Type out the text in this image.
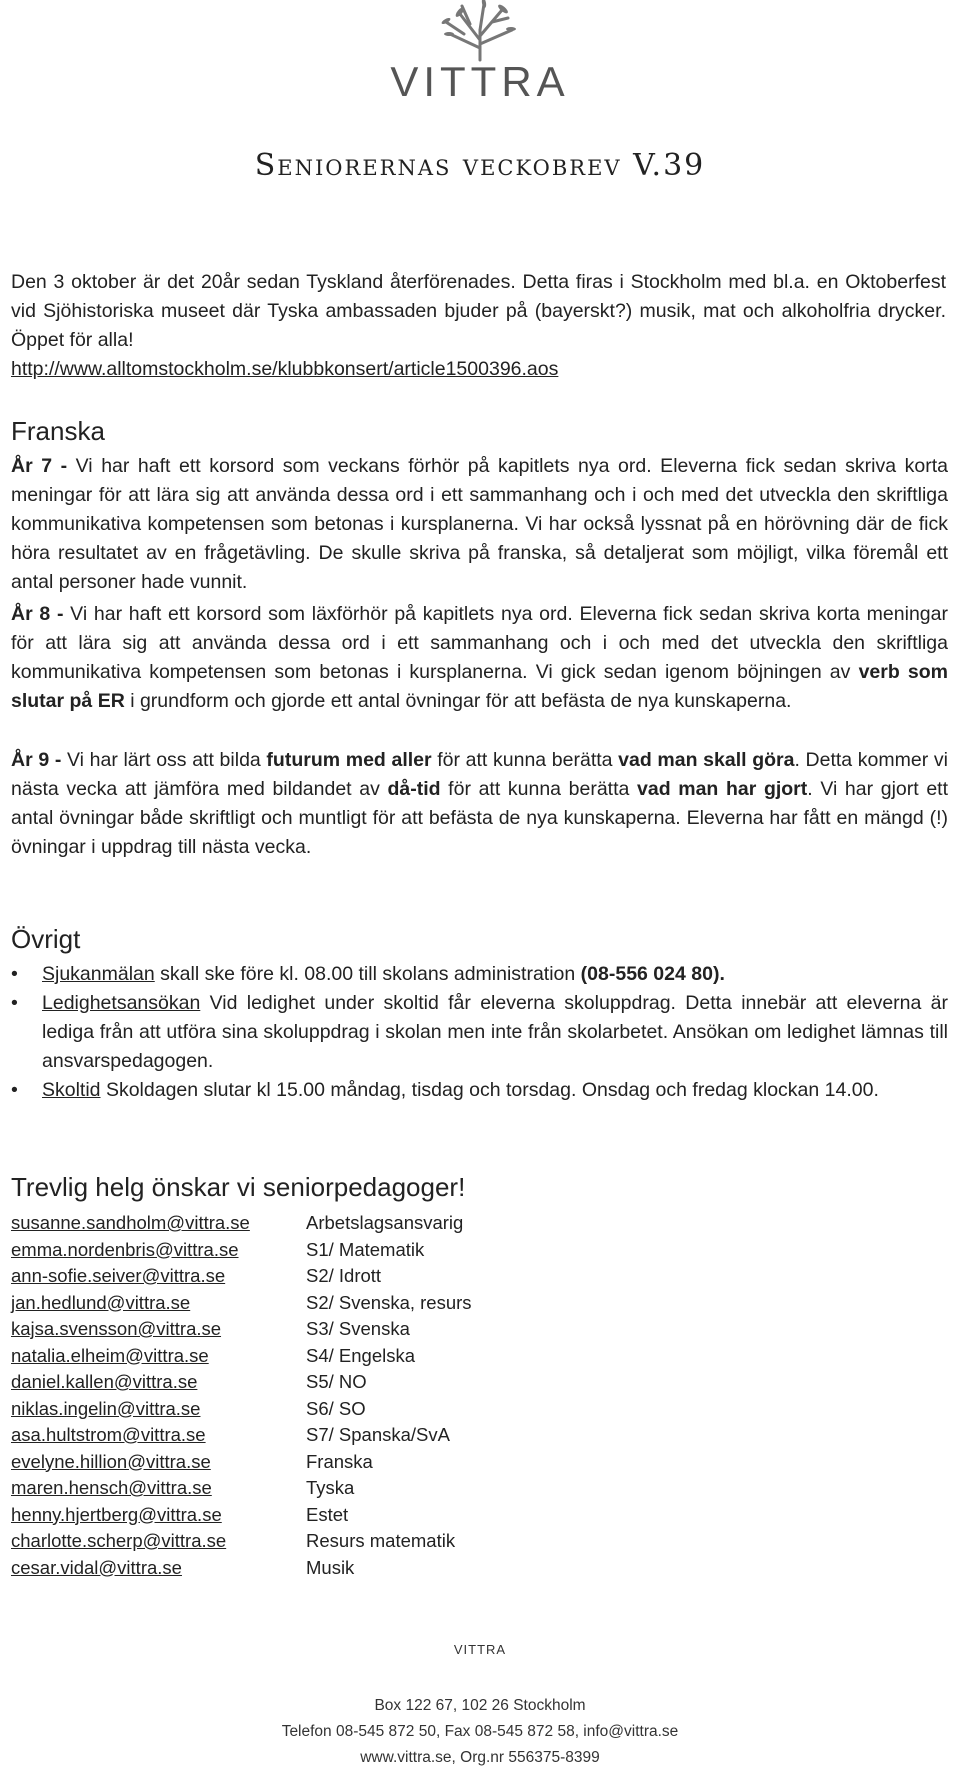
VITTRA
Seniorernas veckobrev V.39
Den 3 oktober är det 20år sedan Tyskland återförenades. Detta firas i Stockholm med bl.a. en Oktoberfest vid Sjöhistoriska museet där Tyska ambassaden bjuder på (bayerskt?) musik, mat och alkoholfria drycker. Öppet för alla!
http://www.alltomstockholm.se/klubbkonsert/article1500396.aos
Franska
År 7 - Vi har haft ett korsord som veckans förhör på kapitlets nya ord. Eleverna fick sedan skriva korta meningar för att lära sig att använda dessa ord i ett sammanhang och i och med det utveckla den skriftliga kommunikativa kompetensen som betonas i kursplanerna. Vi har också lyssnat på en hörövning där de fick höra resultatet av en frågetävling. De skulle skriva på franska, så detaljerat som möjligt, vilka föremål ett antal personer hade vunnit.
År 8 - Vi har haft ett korsord som läxförhör på kapitlets nya ord. Eleverna fick sedan skriva korta meningar för att lära sig att använda dessa ord i ett sammanhang och i och med det utveckla den skriftliga kommunikativa kompetensen som betonas i kursplanerna. Vi gick sedan igenom böjningen av verb som slutar på ER i grundform och gjorde ett antal övningar för att befästa de nya kunskaperna.
År 9 - Vi har lärt oss att bilda futurum med aller för att kunna berätta vad man skall göra. Detta kommer vi nästa vecka att jämföra med bildandet av då-tid för att kunna berätta vad man har gjort. Vi har gjort ett antal övningar både skriftligt och muntligt för att befästa de nya kunskaperna. Eleverna har fått en mängd (!) övningar i uppdrag till nästa vecka.
Övrigt
• Sjukanmälan skall ske före kl. 08.00 till skolans administration (08-556 024 80).
• Ledighetsansökan Vid ledighet under skoltid får eleverna skoluppdrag. Detta innebär att eleverna är lediga från att utföra sina skoluppdrag i skolan men inte från skolarbetet. Ansökan om ledighet lämnas till ansvarspedagogen.
• Skoltid Skoldagen slutar kl 15.00 måndag, tisdag och torsdag. Onsdag och fredag klockan 14.00.
Trevlig helg önskar vi seniorpedagoger!
susanne.sandholm@vittra.se	Arbetslagsansvarig
emma.nordenbris@vittra.se	S1/ Matematik
ann-sofie.seiver@vittra.se	S2/ Idrott
jan.hedlund@vittra.se	S2/ Svenska, resurs
kajsa.svensson@vittra.se	S3/ Svenska
natalia.elheim@vittra.se	S4/ Engelska
daniel.kallen@vittra.se	S5/ NO
niklas.ingelin@vittra.se	S6/ SO
asa.hultstrom@vittra.se	S7/ Spanska/SvA
evelyne.hillion@vittra.se	Franska
maren.hensch@vittra.se	Tyska
henny.hjertberg@vittra.se	Estet
charlotte.scherp@vittra.se	Resurs matematik
cesar.vidal@vittra.se	Musik
VITTRA
Box 122 67, 102 26 Stockholm
Telefon 08-545 872 50, Fax 08-545 872 58, info@vittra.se
www.vittra.se, Org.nr 556375-8399
